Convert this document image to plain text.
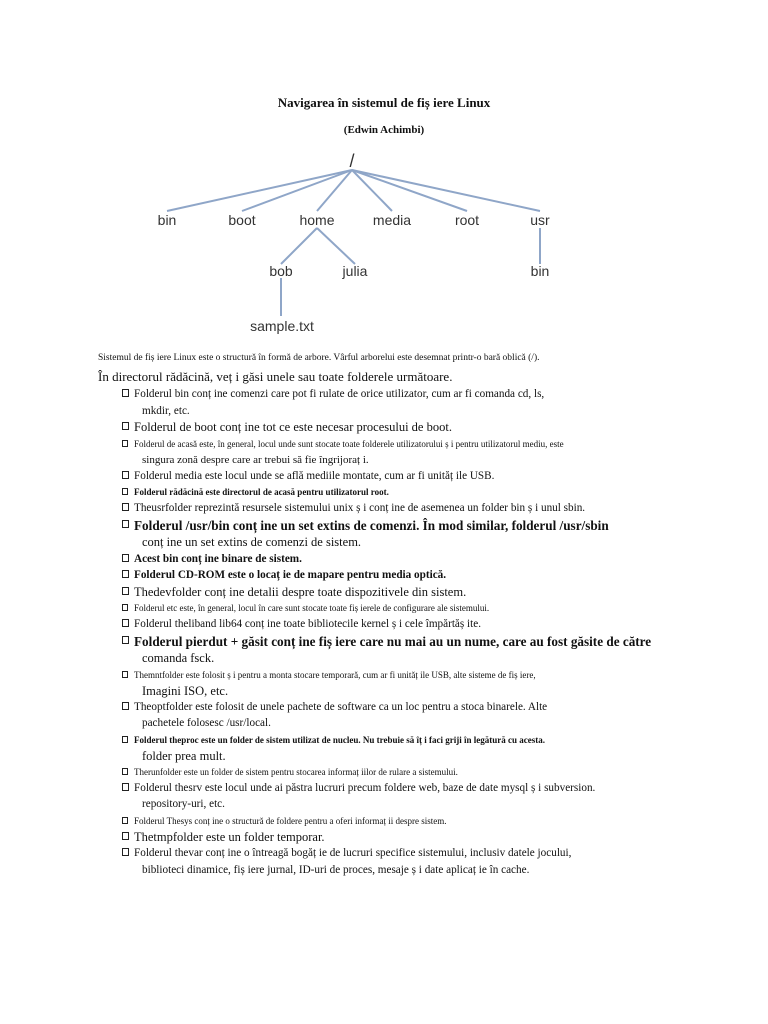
Navigarea în sistemul de fiș iere Linux
(Edwin Achimbi)
/
bin	boot	home	media	root	usr
bob	julia	bin
sample.txt
Sistemul de fiș iere Linux este o structură în formă de arbore. Vârful arborelui este desemnat printr-o bară oblică (/).
În directorul rădăcină, veț i găsi unele sau toate folderele următoare.
Folderul bin conț ine comenzi care pot fi rulate de orice utilizator, cum ar fi comanda cd, ls,
mkdir, etc.
Folderul de boot conț ine tot ce este necesar procesului de boot.
Folderul de acasă este, în general, locul unde sunt stocate toate folderele utilizatorului ș i pentru utilizatorul mediu, este
singura zonă despre care ar trebui să fie îngrijoraț i.
Folderul media este locul unde se află mediile montate, cum ar fi unităț ile USB.
Folderul rădăcină este directorul de acasă pentru utilizatorul root.
Theusrfolder reprezintă resursele sistemului unix ș i conț ine de asemenea un folder bin ș i unul sbin.
Folderul /usr/bin conț ine un set extins de comenzi. În mod similar, folderul /usr/sbin
conț ine un set extins de comenzi de sistem.
Acest bin conț ine binare de sistem.
Folderul CD-ROM este o locaț ie de mapare pentru media optică.
Thedevfolder conț ine detalii despre toate dispozitivele din sistem.
Folderul etc este, în general, locul în care sunt stocate toate fiș ierele de configurare ale sistemului.
Folderul theliband lib64 conț ine toate bibliotecile kernel ș i cele împărtăș ite.
Folderul pierdut + găsit conț ine fiș iere care nu mai au un nume, care au fost găsite de către
comanda fsck.
Themntfolder este folosit ș i pentru a monta stocare temporară, cum ar fi unităț ile USB, alte sisteme de fiș iere,
Imagini ISO, etc.
Theoptfolder este folosit de unele pachete de software ca un loc pentru a stoca binarele. Alte
pachetele folosesc /usr/local.
Folderul theproc este un folder de sistem utilizat de nucleu. Nu trebuie să îț i faci griji în legătură cu acesta.
folder prea mult.
Therunfolder este un folder de sistem pentru stocarea informaț iilor de rulare a sistemului.
Folderul thesrv este locul unde ai păstra lucruri precum foldere web, baze de date mysql ș i subversion.
repository-uri, etc.
Folderul Thesys conț ine o structură de foldere pentru a oferi informaț ii despre sistem.
Thetmpfolder este un folder temporar.
Folderul thevar conț ine o întreagă bogăț ie de lucruri specifice sistemului, inclusiv datele jocului,
biblioteci dinamice, fiș iere jurnal, ID-uri de proces, mesaje ș i date aplicaț ie în cache.
